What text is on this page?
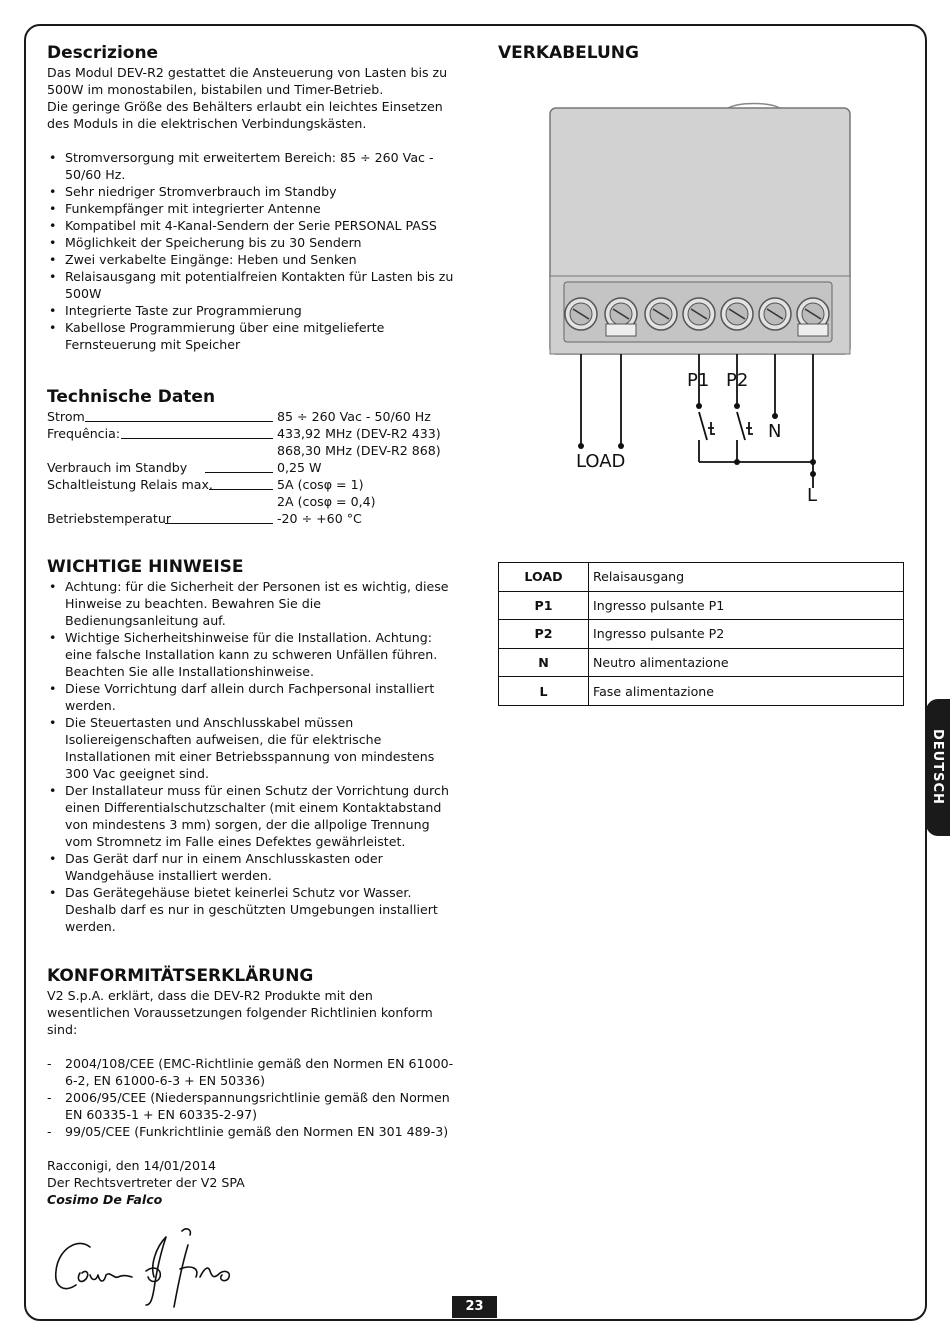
Descrizione

Das Modul DEV-R2 gestattet die Ansteuerung von Lasten bis zu 500W im monostabilen, bistabilen und Timer-Betrieb.

Die geringe Größe des Behälters erlaubt ein leichtes Einsetzen des Moduls in die elektrischen Verbindungskästen.

• Stromversorgung mit erweitertem Bereich: 85 ÷ 260 Vac - 50/60 Hz.
• Sehr niedriger Stromverbrauch im Standby
• Funkempfänger mit integrierter Antenne
• Kompatibel mit 4-Kanal-Sendern der Serie PERSONAL PASS
• Möglichkeit der Speicherung bis zu 30 Sendern
• Zwei verkabelte Eingänge: Heben und Senken
• Relaisausgang mit potentialfreien Kontakten für Lasten bis zu 500W
• Integrierte Taste zur Programmierung
• Kabellose Programmierung über eine mitgelieferte Fernsteuerung mit Speicher
Technische Daten
Strom	85 ÷ 260 Vac - 50/60 Hz
Frequência:	433,92 MHz (DEV-R2 433)
868,30 MHz (DEV-R2 868)
Verbrauch im Standby	0,25 W
Schaltleistung Relais max.	5A (cosφ = 1)
2A (cosφ = 0,4)
Betriebstemperatur	-20 ÷ +60 °C
WICHTIGE HINWEISE
• Achtung: für die Sicherheit der Personen ist es wichtig, diese Hinweise zu beachten. Bewahren Sie die Bedienungsanleitung auf.
• Wichtige Sicherheitshinweise für die Installation. Achtung: eine falsche Installation kann zu schweren Unfällen führen. Beachten Sie alle Installationshinweise.
• Diese Vorrichtung darf allein durch Fachpersonal installiert werden.
• Die Steuertasten und Anschlusskabel müssen Isoliereigenschaften aufweisen, die für elektrische Installationen mit einer Betriebsspannung von mindestens 300 Vac geeignet sind.
• Der Installateur muss für einen Schutz der Vorrichtung durch einen Differentialschutzschalter (mit einem Kontaktabstand von mindestens 3 mm) sorgen, der die allpolige Trennung vom Stromnetz im Falle eines Defektes gewährleistet.
• Das Gerät darf nur in einem Anschlusskasten oder Wandgehäuse installiert werden.
• Das Gerätegehäuse bietet keinerlei Schutz vor Wasser. Deshalb darf es nur in geschützten Umgebungen installiert werden.
KONFORMITÄTSERKLÄRUNG

V2 S.p.A. erklärt, dass die DEV-R2 Produkte mit den wesentlichen Voraussetzungen folgender Richtlinien konform sind:

- 2004/108/CEE (EMC-Richtlinie gemäß den Normen EN 61000-6-2, EN 61000-6-3 + EN 50336)
- 2006/95/CEE (Niederspannungsrichtlinie gemäß den Normen EN 60335-1 + EN 60335-2-97)
- 99/05/CEE (Funkrichtlinie gemäß den Normen EN 301 489-3)

Racconigi, den 14/01/2014

Der Rechtsvertreter der V2 SPA

Cosimo De Falco

VERKABELUNG
P1 P2
N
LOAD
L
LOAD	Relaisausgang
P1	Ingresso pulsante P1
P2	Ingresso pulsante P2
N	Neutro alimentazione
L	Fase alimentazione
DEUTSCH
23
